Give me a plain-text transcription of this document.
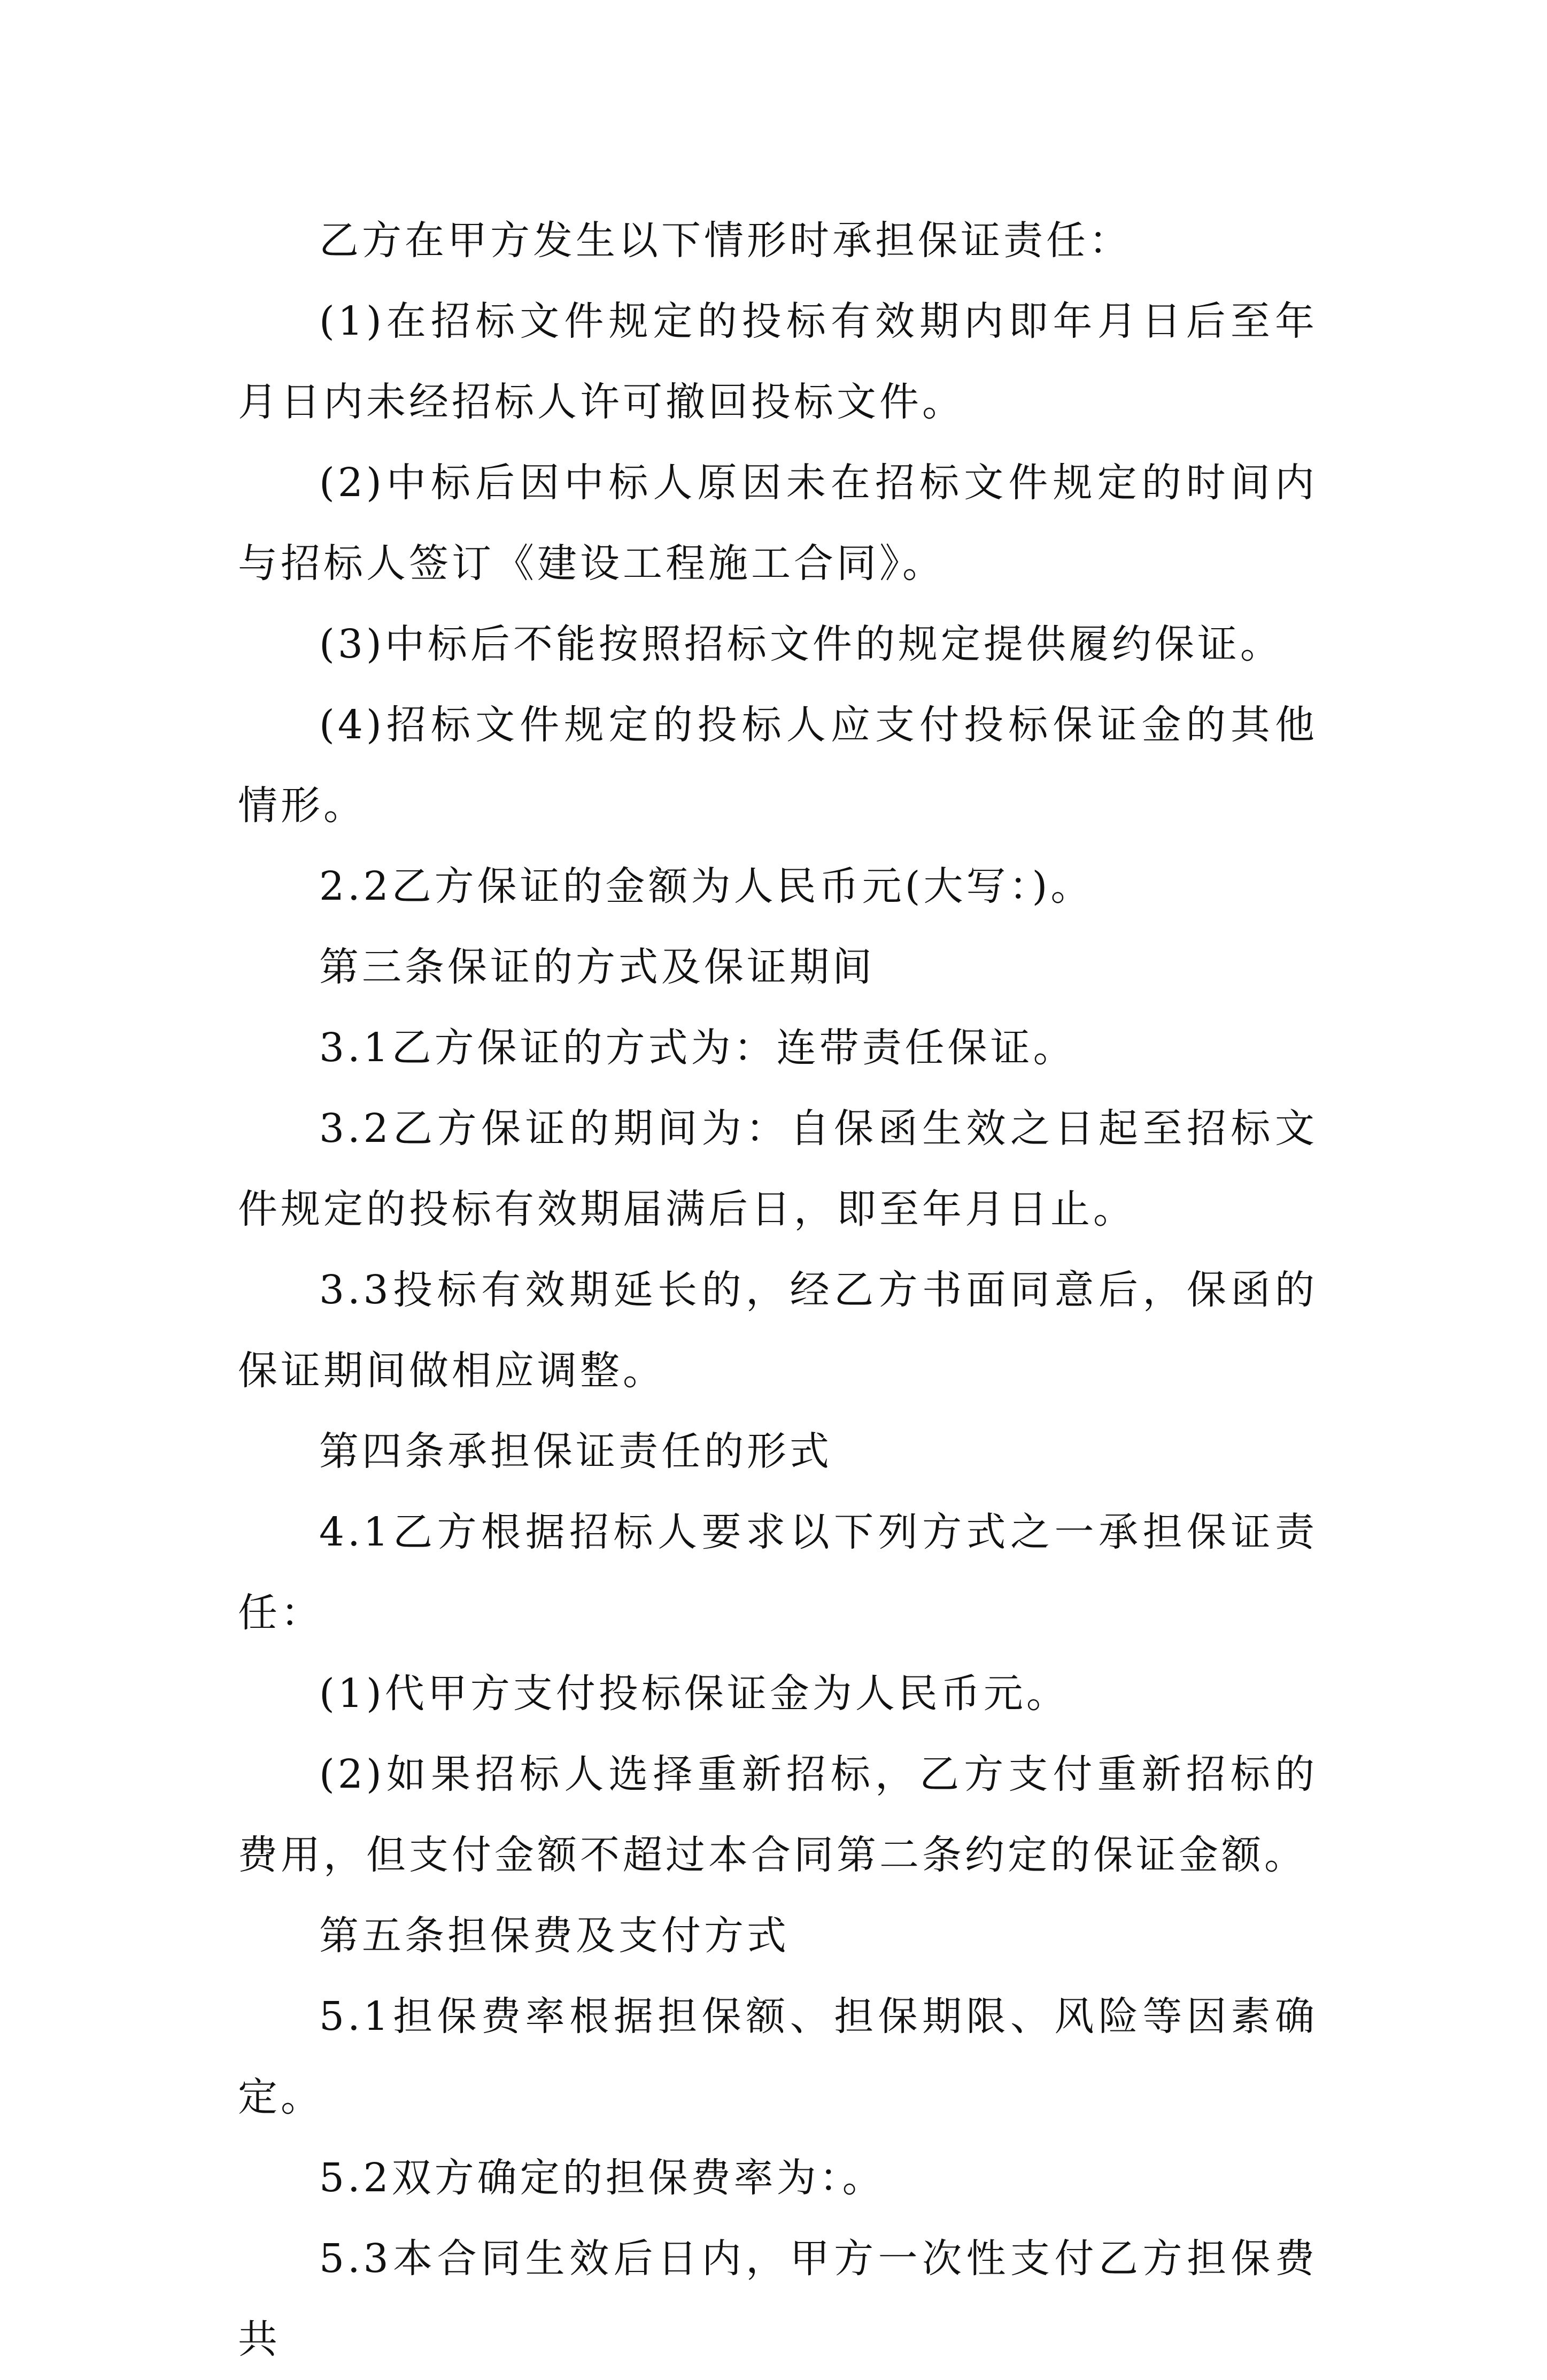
乙方在甲方发生以下情形时承担保证责任：

(1)在招标文件规定的投标有效期内即年月日后至年月日内未经招标人许可撤回投标文件。

(2)中标后因中标人原因未在招标文件规定的时间内与招标人签订《建设工程施工合同》。

(3)中标后不能按照招标文件的规定提供履约保证。

(4)招标文件规定的投标人应支付投标保证金的其他情形。

2.2乙方保证的金额为人民币元(大写：)。

第三条保证的方式及保证期间

3.1乙方保证的方式为：连带责任保证。

3.2乙方保证的期间为：自保函生效之日起至招标文件规定的投标有效期届满后日，即至年月日止。

3.3投标有效期延长的，经乙方书面同意后，保函的保证期间做相应调整。

第四条承担保证责任的形式

4.1乙方根据招标人要求以下列方式之一承担保证责任：

(1)代甲方支付投标保证金为人民币元。

(2)如果招标人选择重新招标，乙方支付重新招标的费用，但支付金额不超过本合同第二条约定的保证金额。

第五条担保费及支付方式

5.1担保费率根据担保额、担保期限、风险等因素确定。

5.2双方确定的担保费率为：。

5.3本合同生效后日内，甲方一次性支付乙方担保费共
